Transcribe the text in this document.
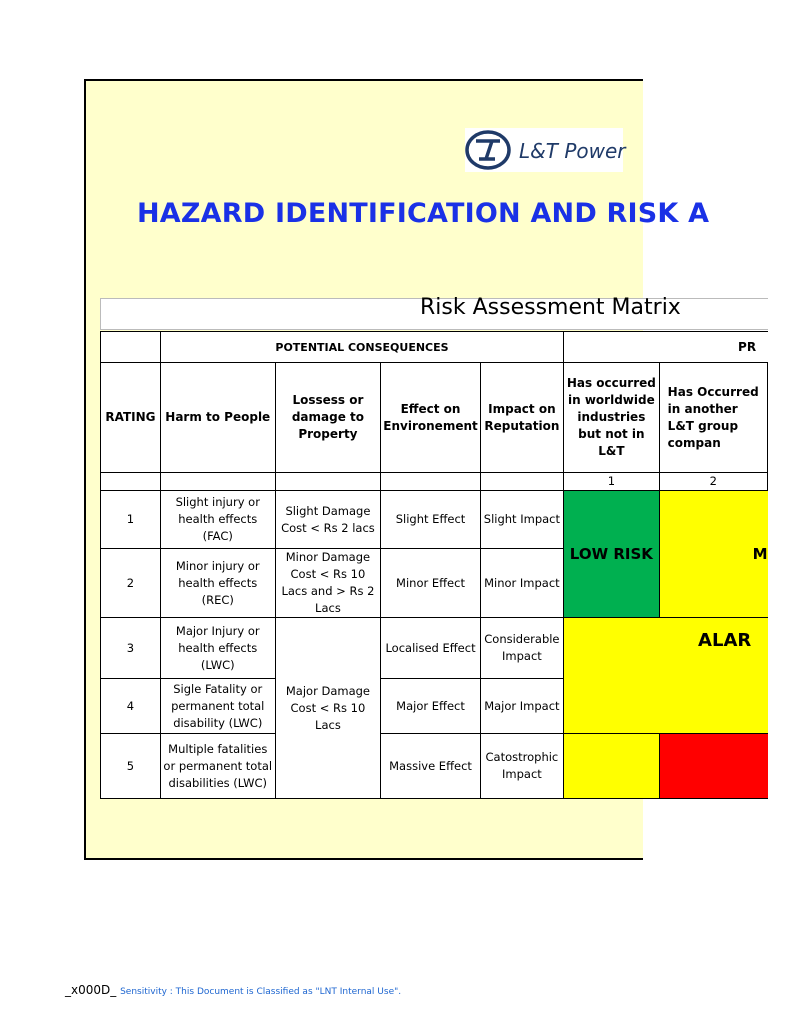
L&T Power
HAZARD IDENTIFICATION AND RISK A
Risk Assessment Matrix
	POTENTIAL CONSEQUENCES				PR	
RATING	Harm to People	Lossess or damage to Property	Effect on Environement	Impact on Reputation	Has occurred in worldwide industries but not in L&T	Has Occurred in another L&T group compan
					1	2
1	Slight injury or health effects (FAC)	Slight Damage Cost < Rs 2 lacs	Slight Effect	Slight Impact	LOW RISK	M
2	Minor injury or health effects (REC)	Minor Damage Cost < Rs 10 Lacs and > Rs 2 Lacs	Minor Effect	Minor Impact		
3	Major Injury or health effects (LWC)	Major Damage Cost < Rs 10 Lacs	Localised Effect	Considerable Impact	ALAR	
4	Sigle Fatality or permanent total disability (LWC)		Major Effect	Major Impact		
5	Multiple fatalities or permanent total disabilities (LWC)		Massive Effect	Catostrophic Impact		
_x000D_ Sensitivity : This Document is Classified as "LNT Internal Use".
